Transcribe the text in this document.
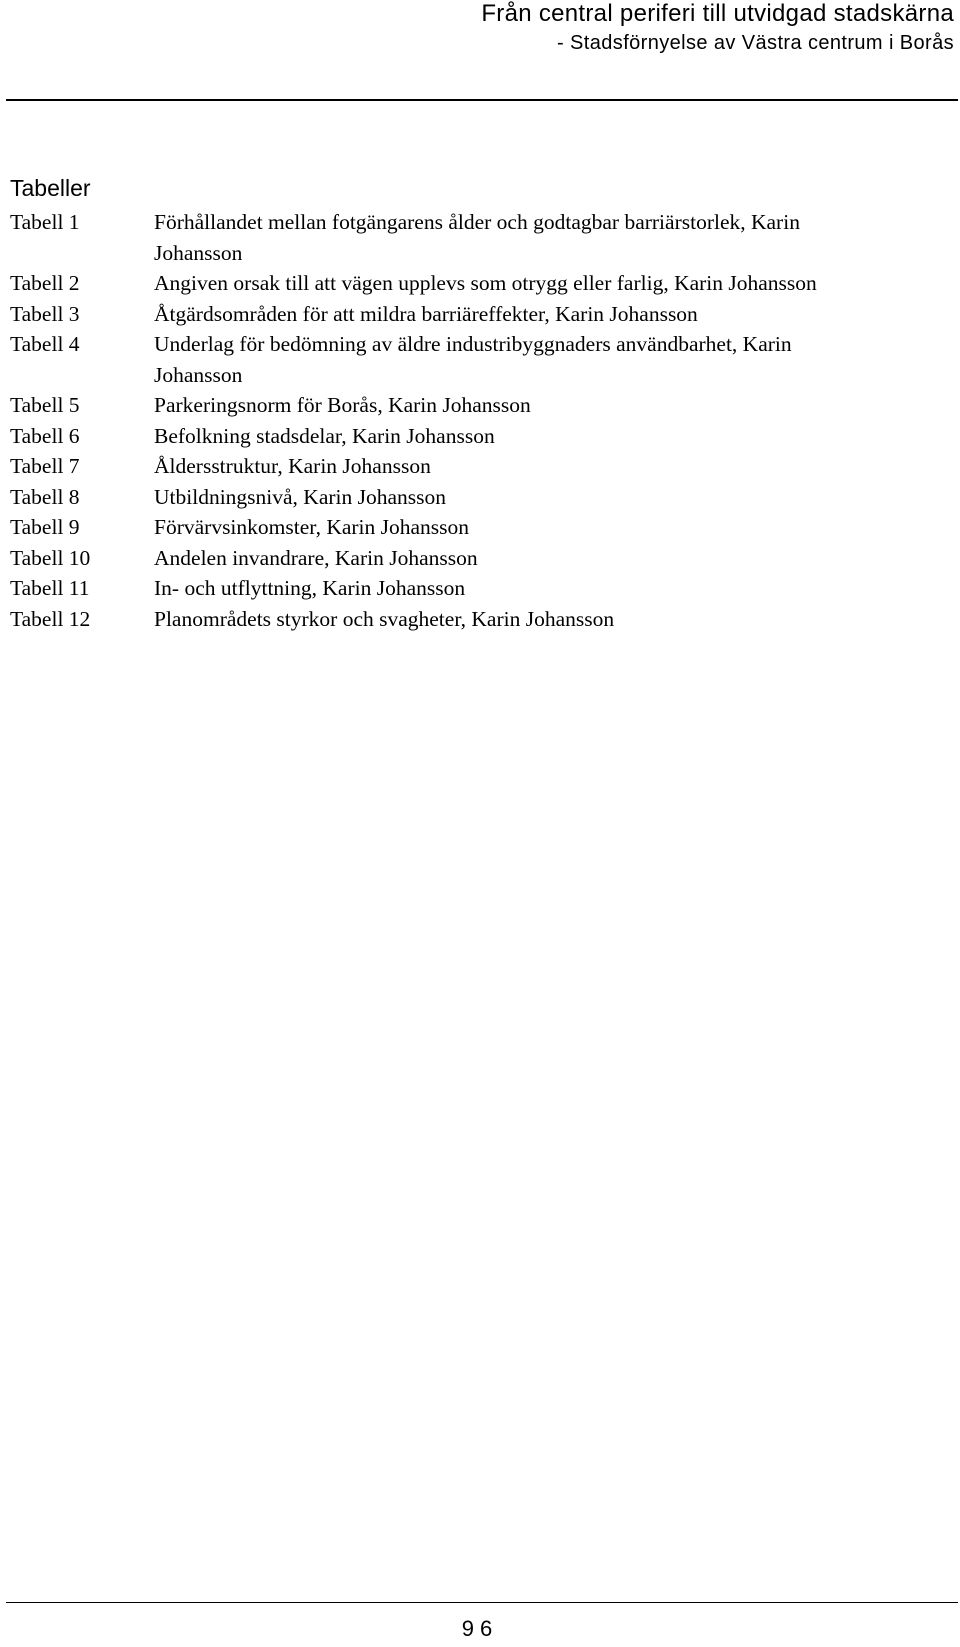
Från central periferi till utvidgad stadskärna
- Stadsförnyelse av Västra centrum i Borås
Tabeller
Tabell 1	Förhållandet mellan fotgängarens ålder och godtagbar barriärstorlek, Karin Johansson
Tabell 2	Angiven orsak till att vägen upplevs som otrygg eller farlig, Karin Johansson
Tabell 3	Åtgärdsområden för att mildra barriäreffekter, Karin Johansson
Tabell 4	Underlag för bedömning av äldre industribyggnaders användbarhet, Karin Johansson
Tabell 5	Parkeringsnorm för Borås, Karin Johansson
Tabell 6	Befolkning stadsdelar, Karin Johansson
Tabell 7	Åldersstruktur, Karin Johansson
Tabell 8	Utbildningsnivå, Karin Johansson
Tabell 9	Förvärvsinkomster, Karin Johansson
Tabell 10	Andelen invandrare, Karin Johansson
Tabell 11	In- och utflyttning, Karin Johansson
Tabell 12	Planområdets styrkor och svagheter, Karin Johansson
96
